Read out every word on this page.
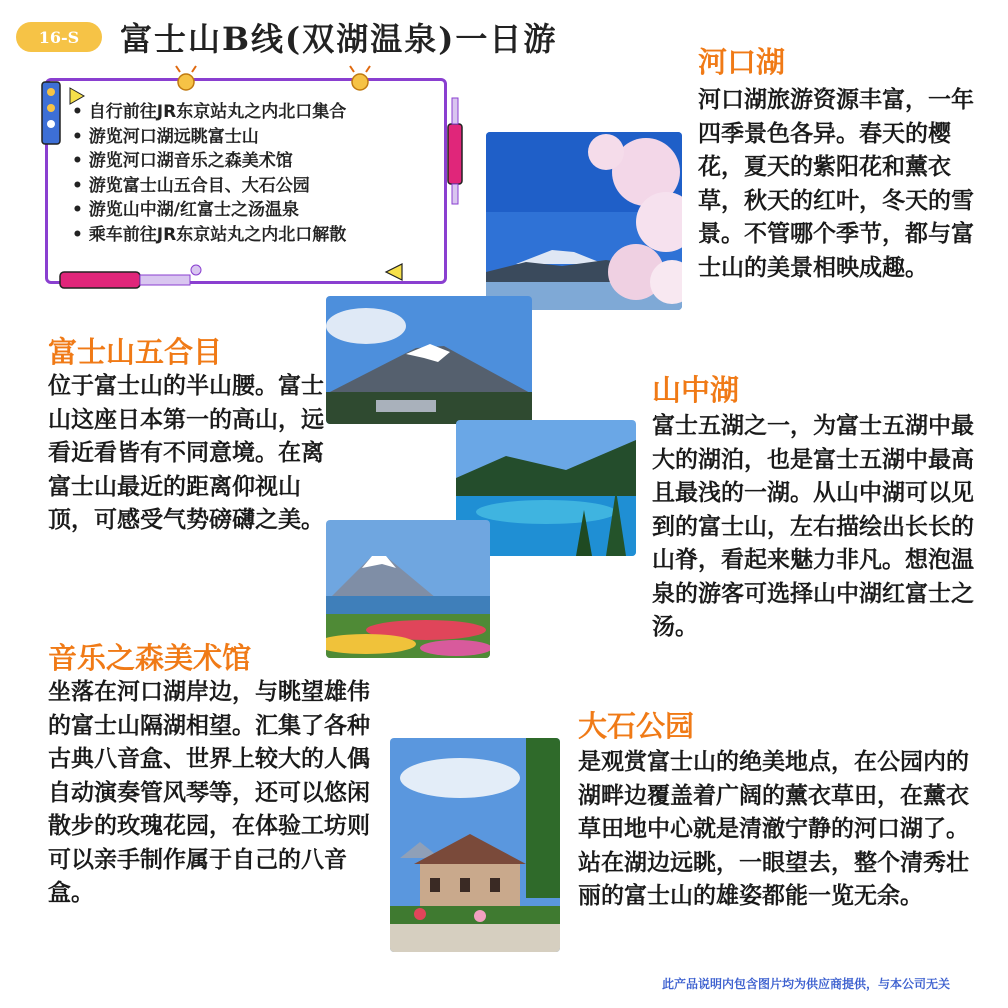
16-S	富士山B线(双湖温泉)一日游
• 自行前往JR东京站丸之内北口集合
• 游览河口湖远眺富士山
• 游览河口湖音乐之森美术馆
• 游览富士山五合目、大石公园
• 游览山中湖/红富士之汤温泉
• 乘车前往JR东京站丸之内北口解散
河口湖

河口湖旅游资源丰富，一年四季景色各异。春天的樱花，夏天的紫阳花和薰衣草，秋天的红叶，冬天的雪景。不管哪个季节，都与富士山的美景相映成趣。

富士山五合目

位于富士山的半山腰。富士山这座日本第一的高山，远看近看皆有不同意境。在离富士山最近的距离仰视山顶，可感受气势磅礴之美。

山中湖

富士五湖之一，为富士五湖中最大的湖泊，也是富士五湖中最高且最浅的一湖。从山中湖可以见到的富士山，左右描绘出长长的山脊，看起来魅力非凡。想泡温泉的游客可选择山中湖红富士之汤。

音乐之森美术馆

坐落在河口湖岸边，与眺望雄伟的富士山隔湖相望。汇集了各种古典八音盒、世界上较大的人偶自动演奏管风琴等，还可以悠闲散步的玫瑰花园，在体验工坊则可以亲手制作属于自己的八音盒。

大石公园

是观赏富士山的绝美地点，在公园内的湖畔边覆盖着广阔的薰衣草田，在薰衣草田地中心就是清澈宁静的河口湖了。站在湖边远眺，一眼望去，整个清秀壮丽的富士山的雄姿都能一览无余。

此产品说明内包含图片均为供应商提供，与本公司无关
